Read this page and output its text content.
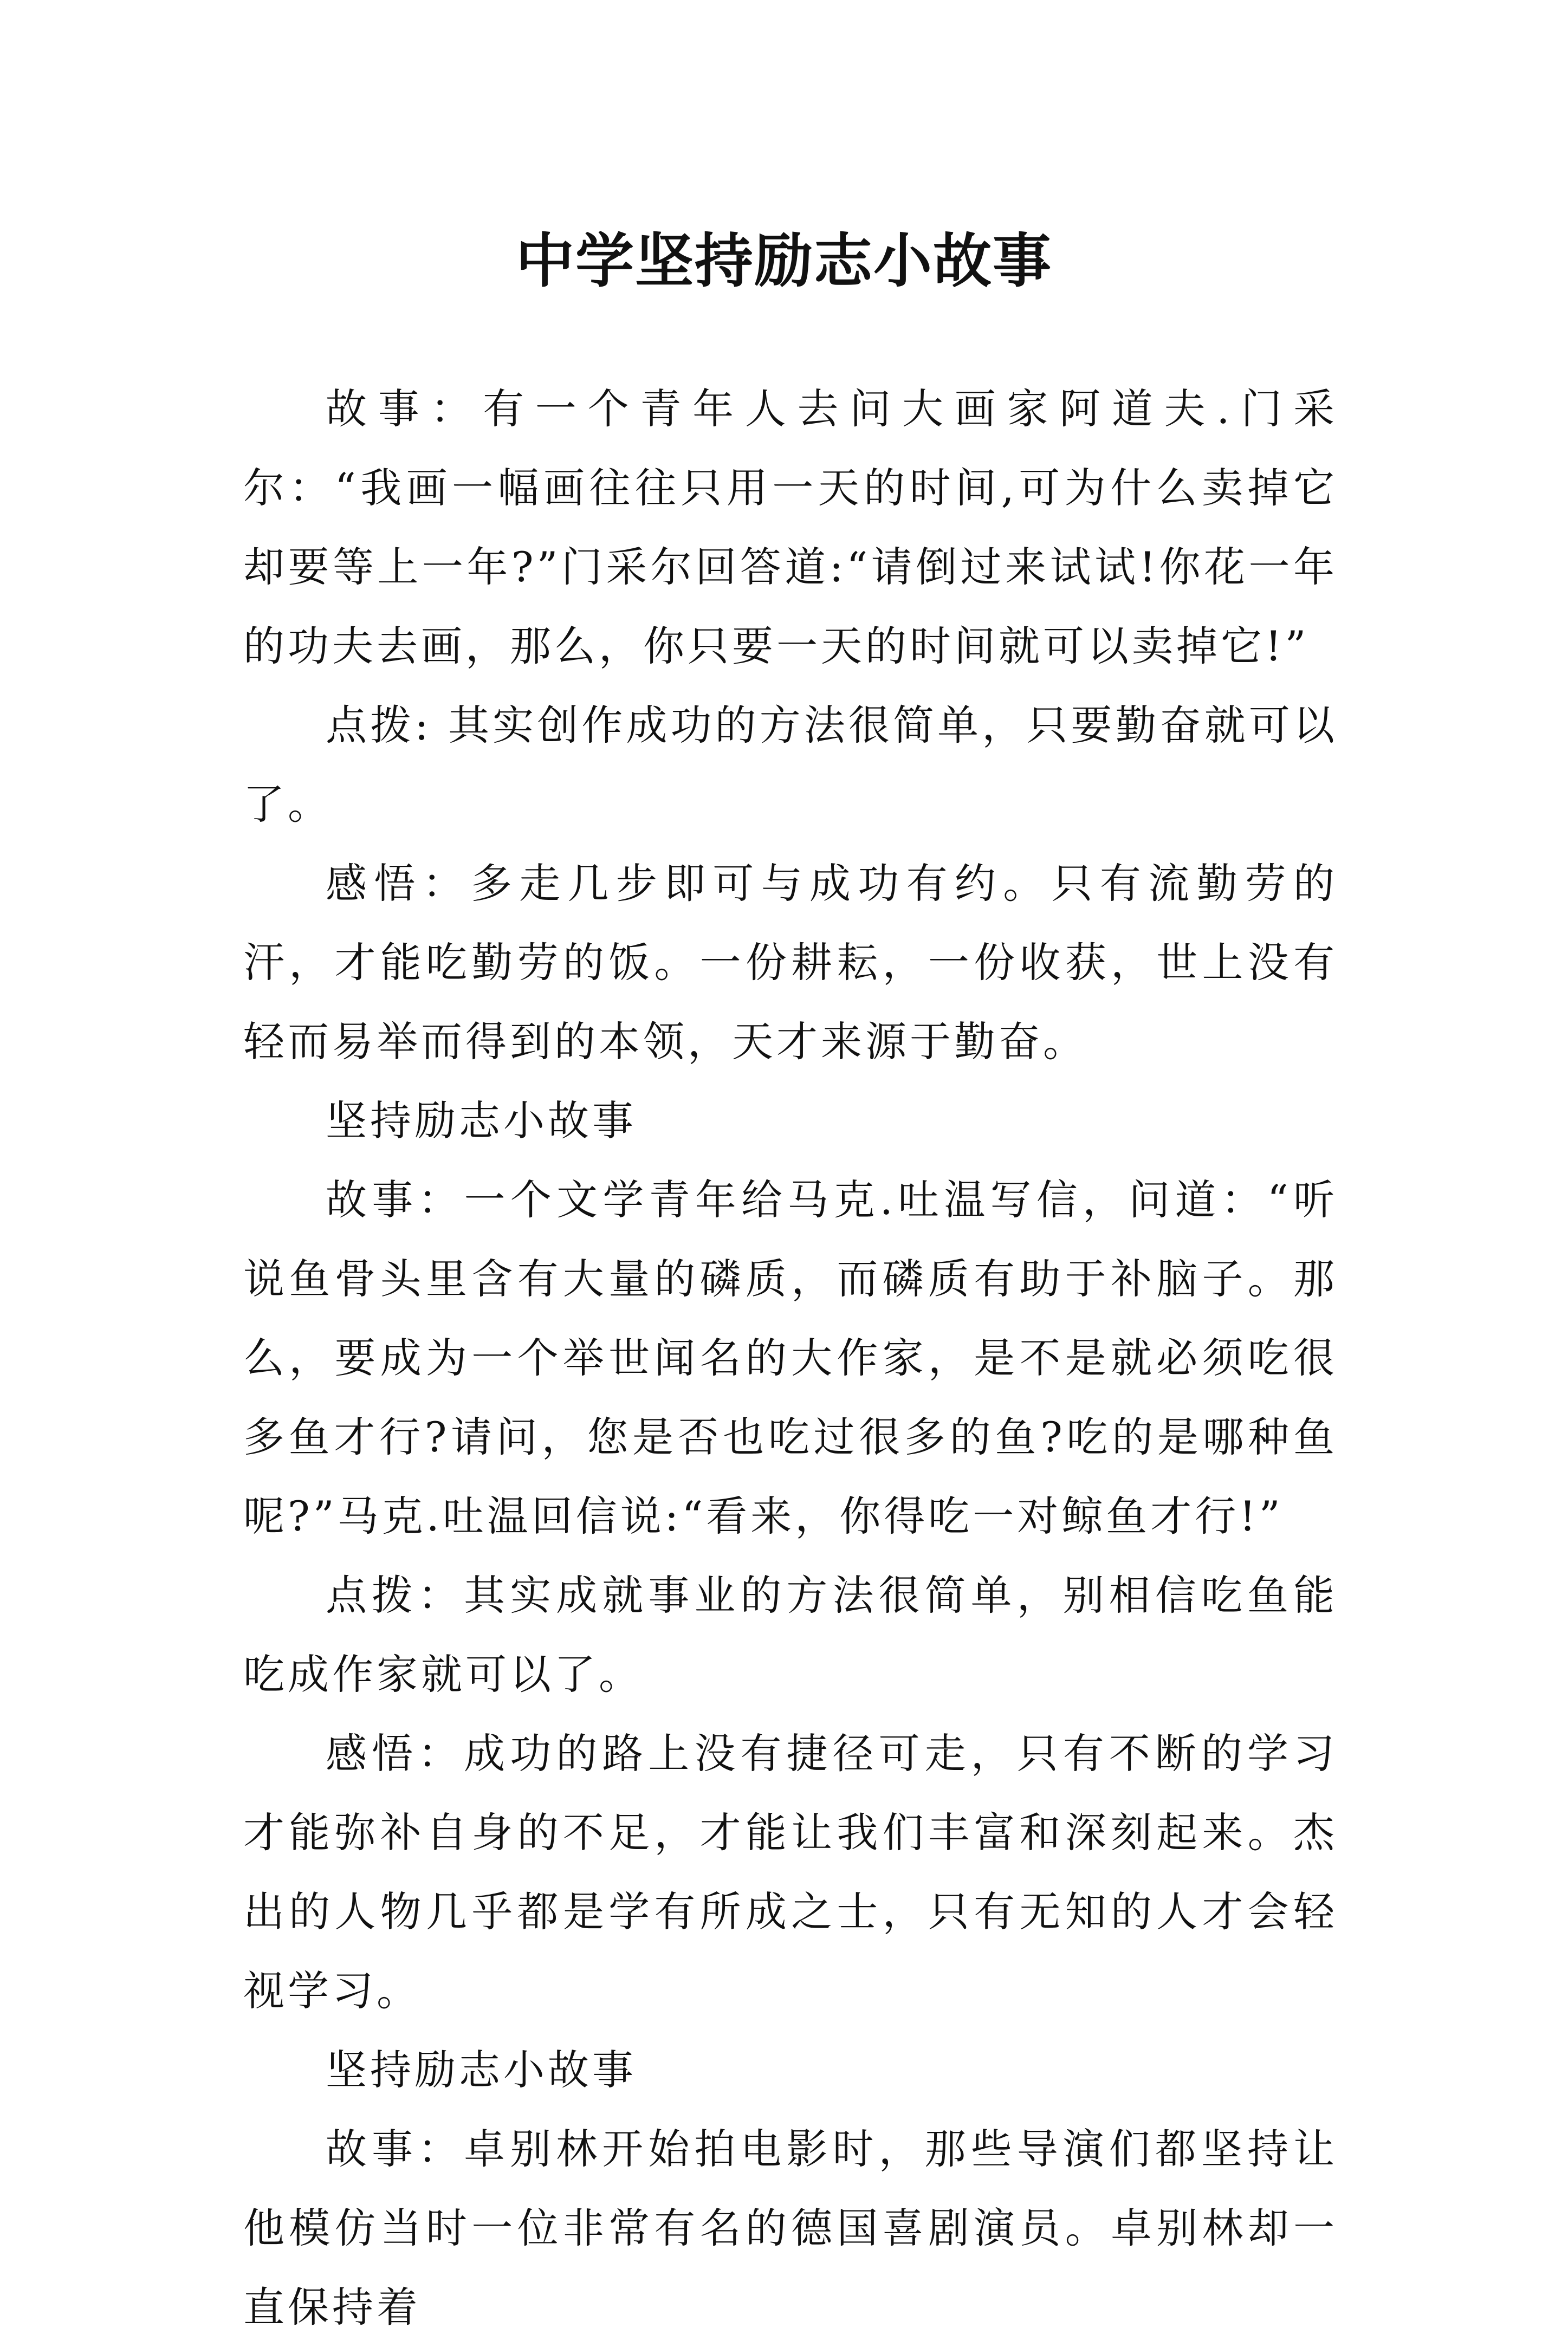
中学坚持励志小故事

故事：有一个青年人去问大画家阿道夫.门采尔：“我画一幅画往往只用一天的时间,可为什么卖掉它却要等上一年?”门采尔回答道:“请倒过来试试!你花一年的功夫去画，那么，你只要一天的时间就可以卖掉它!”

点拨: 其实创作成功的方法很简单，只要勤奋就可以了。

感悟：多走几步即可与成功有约。只有流勤劳的汗，才能吃勤劳的饭。一份耕耘，一份收获，世上没有轻而易举而得到的本领，天才来源于勤奋。

坚持励志小故事

故事：一个文学青年给马克.吐温写信，问道：“听说鱼骨头里含有大量的磷质，而磷质有助于补脑子。那么，要成为一个举世闻名的大作家，是不是就必须吃很多鱼才行?请问，您是否也吃过很多的鱼?吃的是哪种鱼呢?”马克.吐温回信说:“看来，你得吃一对鲸鱼才行!”

点拨：其实成就事业的方法很简单，别相信吃鱼能吃成作家就可以了。

感悟：成功的路上没有捷径可走，只有不断的学习才能弥补自身的不足，才能让我们丰富和深刻起来。杰出的人物几乎都是学有所成之士，只有无知的人才会轻视学习。

坚持励志小故事

故事：卓别林开始拍电影时，那些导演们都坚持让他模仿当时一位非常有名的德国喜剧演员。卓别林却一直保持着
